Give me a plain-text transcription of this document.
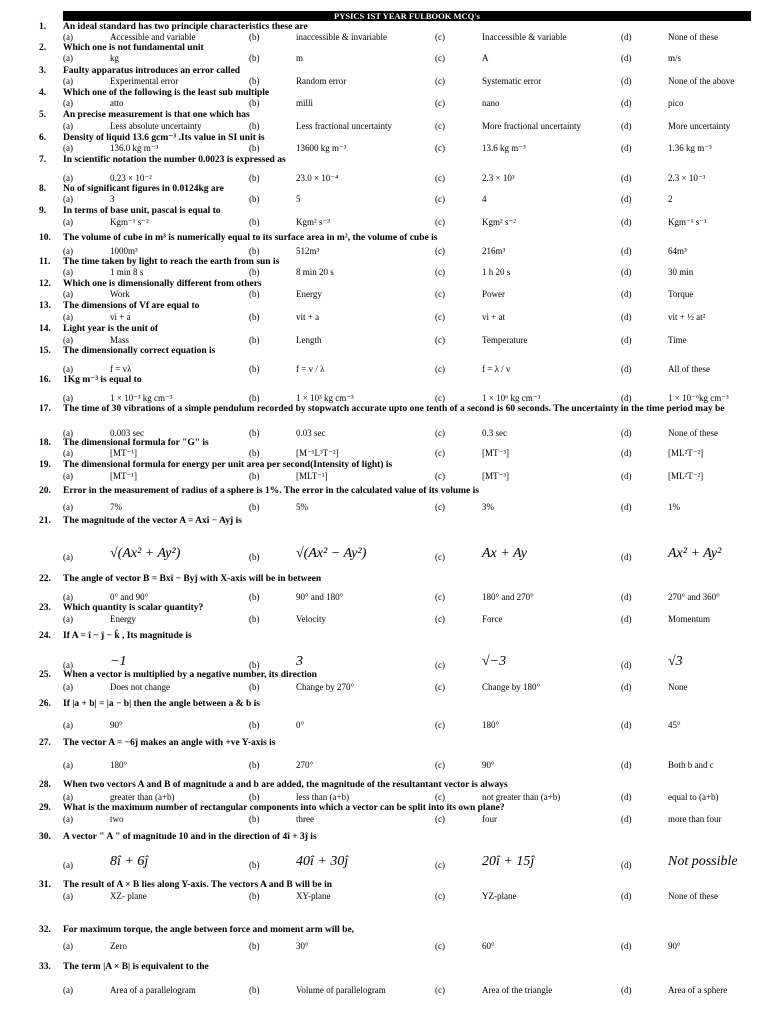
PYSICS 1ST YEAR FULBOOK MCQ's
1. An ideal standard has two principle characteristics these are
(a)	Accessible and variable	(b)	inaccessible & invariable	(c)	Inaccessible & variable	(d)	None of these
2. Which one is not fundamental unit
(a)	kg	(b)	m	(c)	A	(d)	m/s
3. Faulty apparatus introduces an error called
(a)	Experimental error	(b)	Random error	(c)	Systematic error	(d)	None of the above
4. Which one of the following is the least sub multiple
(a)	atto	(b)	milli	(c)	nano	(d)	pico
5. An precise measurement is that one which has
(a)	Less absolute uncertainty	(b)	Less fractional uncertainty	(c)	More fractional uncertainty	(d)	More uncertainty
6. Density of liquid 13.6 gcm⁻³ .Its value in SI unit is
(a)	136.0 kg m⁻³	(b)	13600 kg m⁻³	(c)	13.6 kg m⁻³	(d)	1.36 kg m⁻³
7. In scientific notation the number 0.0023 is expressed as
(a)	0.23 × 10⁻²	(b)	23.0 × 10⁻⁴	(c)	2.3 × 10³	(d)	2.3 × 10⁻³
8. No of significant figures in 0.0124kg are
(a)	3	(b)	5	(c)	4	(d)	2
9. In terms of base unit, pascal is equal to
(a)	Kgm⁻¹ s⁻²	(b)	Kgm² s⁻³	(c)	Kgm² s⁻²	(d)	Kgm⁻¹ s⁻¹
10. The volume of cube in m³ is numerically equal to its surface area in m², the volume of cube is
(a)	1000m³	(b)	512m³	(c)	216m³	(d)	64m³
11. The time taken by light to reach the earth from sun is
(a)	1 min 8 s	(b)	8 min 20 s	(c)	1 h 20 s	(d)	30 min
12. Which one is dimensionally different from others
(a)	Work	(b)	Energy	(c)	Power	(d)	Torque
13. The dimensions of Vf are equal to
(a)	vi + a	(b)	vit + a	(c)	vi + at	(d)	vit + ½ at²
14. Light year is the unit of
(a)	Mass	(b)	Length	(c)	Temperature	(d)	Time
15. The dimensionally correct equation is
(a)	f = vλ	(b)	f = v / λ	(c)	f = λ / v	(d)	All of these
16. 1Kg m⁻³ is equal to
(a)	1 × 10⁻³ kg cm⁻³	(b)	1 × 10³ kg cm⁻³	(c)	1 × 10⁶ kg cm⁻³	(d)	1 × 10⁻⁶kg cm⁻³
17. The time of 30 vibrations of a simple pendulum recorded by stopwatch accurate upto one tenth of a second is 60 seconds. The uncertainty in the time period may be
(a)	0.003 sec	(b)	0.03 sec	(c)	0.3 sec	(d)	None of these
18. The dimensional formula for "G" is
(a)	[MT⁻¹]	(b)	[M⁻¹L³T⁻²]	(c)	[MT⁻³]	(d)	[ML²T⁻²]
19. The dimensional formula for energy per unit area per second(Intensity of light) is
(a)	[MT⁻¹]	(b)	[MLT⁻¹]	(c)	[MT⁻³]	(d)	[ML²T⁻²]
20. Error in the measurement of radius of a sphere is 1%. The error in the calculated value of its volume is
(a)	7%	(b)	5%	(c)	3%	(d)	1%
21. The magnitude of the vector A = Axî − Ayĵ is
(a)	√(Ax² + Ay²)	(b)	√(Ax² − Ay²)	(c)	Ax + Ay	(d)	Ax² + Ay²
22. The angle of vector B = Bxî − Byĵ with X-axis will be in between
(a)	0° and 90°	(b)	90° and 180°	(c)	180° and 270°	(d)	270° and 360°
23. Which quantity is scalar quantity?
(a)	Energy	(b)	Velocity	(c)	Force	(d)	Momentum
24. If A = î − ĵ − k̂ , Its magnitude is
(a)	−1	(b)	3	(c)	√−3	(d)	√3
25. When a vector is multiplied by a negative number, its direction
(a)	Does not change	(b)	Change by 270°	(c)	Change by 180°	(d)	None
26. If |a + b| = |a − b| then the angle between a & b is
(a)	90°	(b)	0°	(c)	180°	(d)	45°
27. The vector A = −6ĵ makes an angle with +ve Y-axis is
(a)	180°	(b)	270°	(c)	90°	(d)	Both b and c
28. When two vectors A and B of magnitude a and b are added, the magnitude of the resultantant vector is always
(a)	greater than (a+b)	(b)	less than (a+b)	(c)	not greater than (a+b)	(d)	equal to (a+b)
29. What is the maximum number of rectangular components into which a vector can be split into its own plane?
(a)	two	(b)	three	(c)	four	(d)	more than four
30. A vector " A " of magnitude 10 and in the direction of 4î + 3ĵ is
(a)	8î + 6ĵ	(b)	40î + 30ĵ	(c)	20î + 15ĵ	(d)	Not possible
31. The result of A × B lies along Y-axis. The vectors A and B will be in
(a)	XZ- plane	(b)	XY-plane	(c)	YZ-plane	(d)	None of these
32. For maximum torque, the angle between force and moment arm will be,
(a)	Zero	(b)	30°	(c)	60°	(d)	90°
33. The term |A × B| is equivalent to the
(a)	Area of a parallelogram	(b)	Volume of parallelogram	(c)	Area of the triangle	(d)	Area of a sphere
